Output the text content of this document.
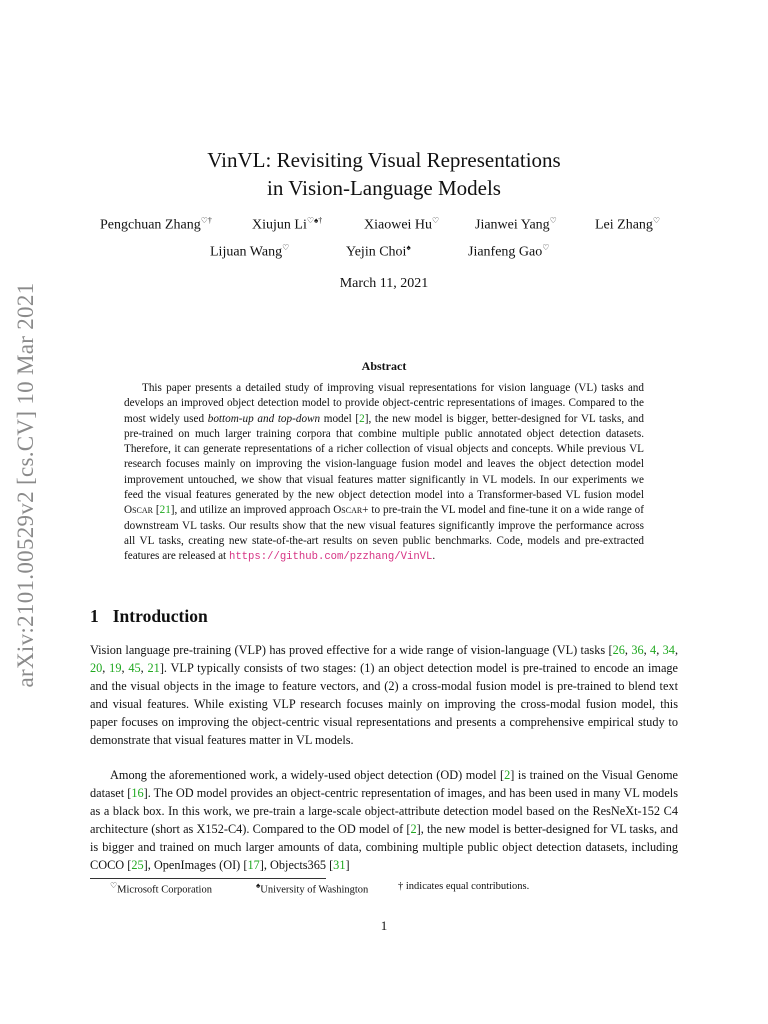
arXiv:2101.00529v2 [cs.CV] 10 Mar 2021
VinVL: Revisiting Visual Representations
in Vision-Language Models
Pengchuan Zhang♡†	Xiujun Li♡♠†	Xiaowei Hu♡	Jianwei Yang♡	Lei Zhang♡
Lijuan Wang♡	Yejin Choi♠	Jianfeng Gao♡
March 11, 2021
Abstract
This paper presents a detailed study of improving visual representations for vision language (VL) tasks and develops an improved object detection model to provide object-centric representations of images. Compared to the most widely used bottom-up and top-down model [2], the new model is bigger, better-designed for VL tasks, and pre-trained on much larger training corpora that combine multiple public annotated object detection datasets. Therefore, it can generate representations of a richer collection of visual objects and concepts. While previous VL research focuses mainly on improving the vision-language fusion model and leaves the object detection model improvement untouched, we show that visual features matter significantly in VL models. In our experiments we feed the visual features generated by the new object detection model into a Transformer-based VL fusion model Oscar [21], and utilize an improved approach Oscar+ to pre-train the VL model and fine-tune it on a wide range of downstream VL tasks. Our results show that the new visual features significantly improve the performance across all VL tasks, creating new state-of-the-art results on seven public benchmarks. Code, models and pre-extracted features are released at https://github.com/pzzhang/VinVL.
1 Introduction
Vision language pre-training (VLP) has proved effective for a wide range of vision-language (VL) tasks [26, 36, 4, 34, 20, 19, 45, 21]. VLP typically consists of two stages: (1) an object detection model is pre-trained to encode an image and the visual objects in the image to feature vectors, and (2) a cross-modal fusion model is pre-trained to blend text and visual features. While existing VLP research focuses mainly on improving the cross-modal fusion model, this paper focuses on improving the object-centric visual representations and presents a comprehensive empirical study to demonstrate that visual features matter in VL models.
Among the aforementioned work, a widely-used object detection (OD) model [2] is trained on the Visual Genome dataset [16]. The OD model provides an object-centric representation of images, and has been used in many VL models as a black box. In this work, we pre-train a large-scale object-attribute detection model based on the ResNeXt-152 C4 architecture (short as X152-C4). Compared to the OD model of [2], the new model is better-designed for VL tasks, and is bigger and trained on much larger amounts of data, combining multiple public object detection datasets, including COCO [25], OpenImages (OI) [17], Objects365 [31]
♡Microsoft Corporation	♠University of Washington	† indicates equal contributions.
1
